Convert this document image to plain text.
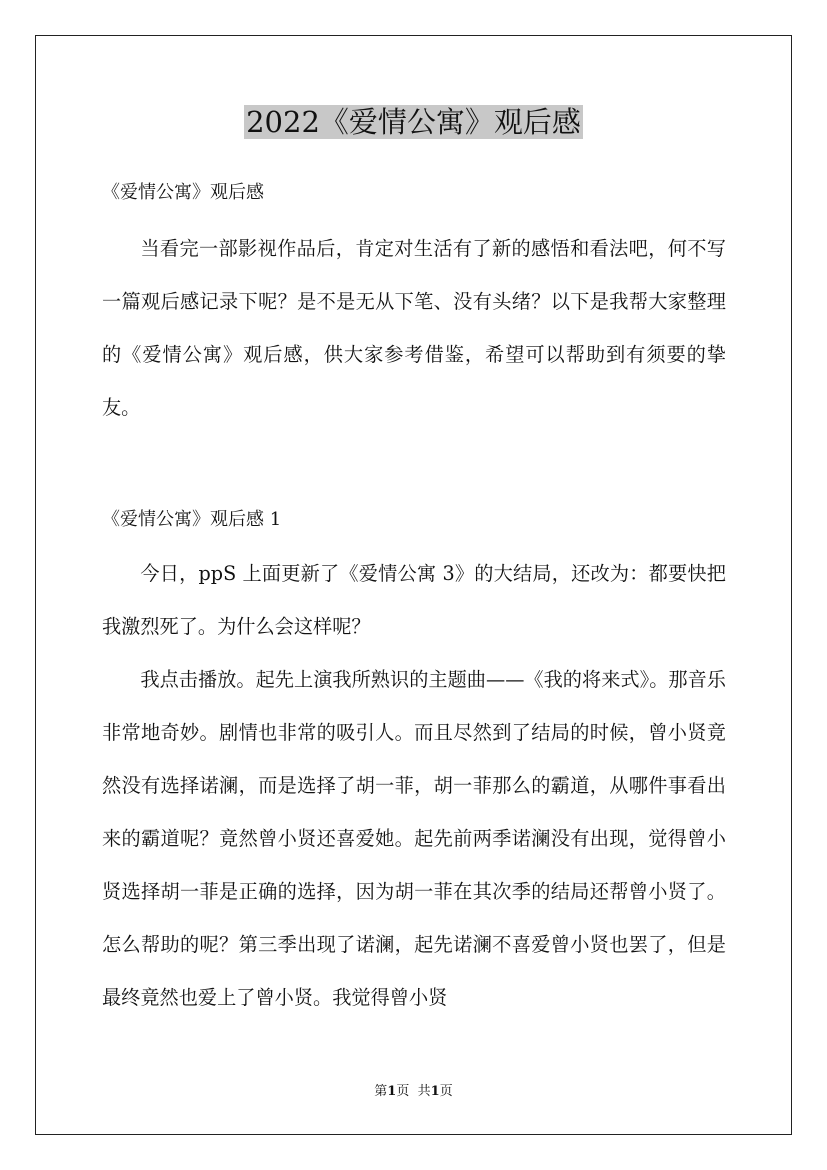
2022《爱情公寓》观后感
《爱情公寓》观后感

当看完一部影视作品后，肯定对生活有了新的感悟和看法吧，何不写一篇观后感记录下呢？是不是无从下笔、没有头绪？以下是我帮大家整理的《爱情公寓》观后感，供大家参考借鉴，希望可以帮助到有须要的挚友。

《爱情公寓》观后感 1

今日，ppS 上面更新了《爱情公寓 3》的大结局，还改为：都要快把我激烈死了。为什么会这样呢？

我点击播放。起先上演我所熟识的主题曲——《我的将来式》。那音乐非常地奇妙。剧情也非常的吸引人。而且尽然到了结局的时候，曾小贤竟然没有选择诺澜，而是选择了胡一菲，胡一菲那么的霸道，从哪件事看出来的霸道呢？竟然曾小贤还喜爱她。起先前两季诺澜没有出现，觉得曾小贤选择胡一菲是正确的选择，因为胡一菲在其次季的结局还帮曾小贤了。怎么帮助的呢？第三季出现了诺澜，起先诺澜不喜爱曾小贤也罢了，但是最终竟然也爱上了曾小贤。我觉得曾小贤

第1页 共1页
